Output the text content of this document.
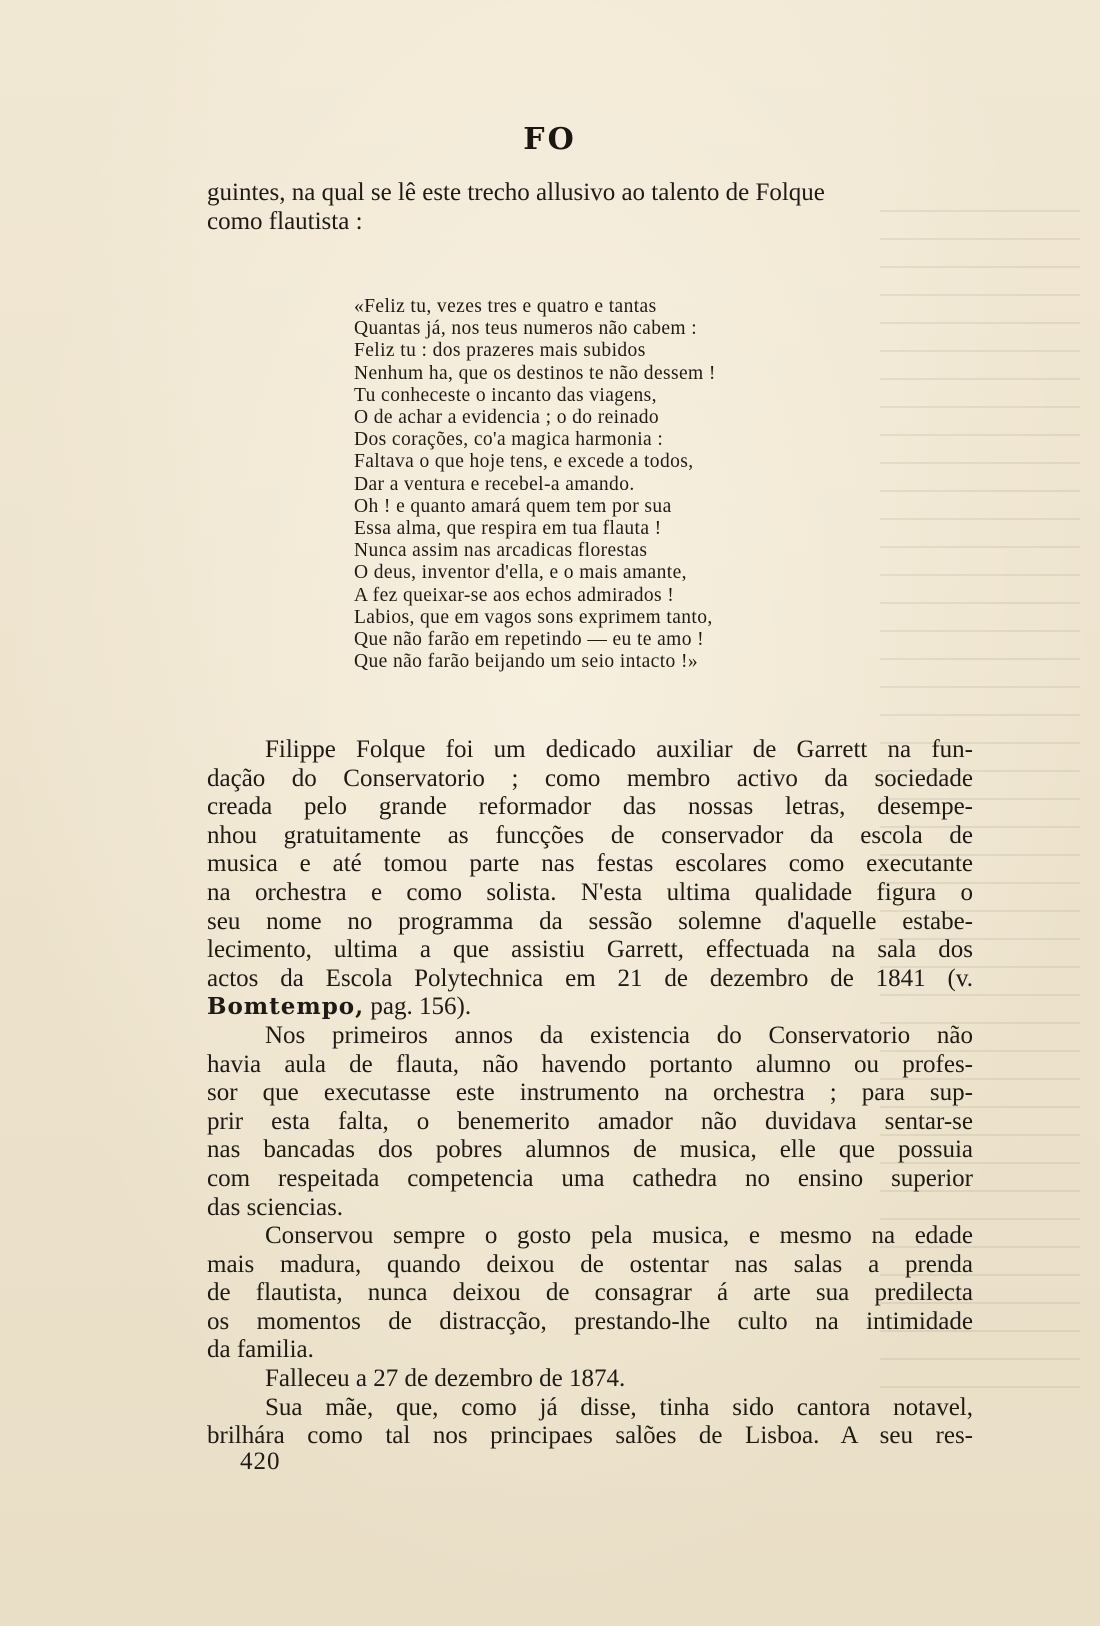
FO
guintes, na qual se lê este trecho allusivo ao talento de Folque
como flautista :
«Feliz tu, vezes tres e quatro e tantas
Quantas já, nos teus numeros não cabem :
Feliz tu : dos prazeres mais subidos
Nenhum ha, que os destinos te não dessem !
Tu conheceste o incanto das viagens,
O de achar a evidencia ; o do reinado
Dos corações, co'a magica harmonia :
Faltava o que hoje tens, e excede a todos,
Dar a ventura e recebel-a amando.
Oh ! e quanto amará quem tem por sua
Essa alma, que respira em tua flauta !
Nunca assim nas arcadicas florestas
O deus, inventor d'ella, e o mais amante,
A fez queixar-se aos echos admirados !
Labios, que em vagos sons exprimem tanto,
Que não farão em repetindo — eu te amo !
Que não farão beijando um seio intacto !»
Filippe Folque foi um dedicado auxiliar de Garrett na fun-
dação do Conservatorio ; como membro activo da sociedade
creada pelo grande reformador das nossas letras, desempe-
nhou gratuitamente as funcções de conservador da escola de
musica e até tomou parte nas festas escolares como executante
na orchestra e como solista. N'esta ultima qualidade figura o
seu nome no programma da sessão solemne d'aquelle estabe-
lecimento, ultima a que assistiu Garrett, effectuada na sala dos
actos da Escola Polytechnica em 21 de dezembro de 1841 (v.
Bomtempo, pag. 156).
Nos primeiros annos da existencia do Conservatorio não
havia aula de flauta, não havendo portanto alumno ou profes-
sor que executasse este instrumento na orchestra ; para sup-
prir esta falta, o benemerito amador não duvidava sentar-se
nas bancadas dos pobres alumnos de musica, elle que possuia
com respeitada competencia uma cathedra no ensino superior
das sciencias.
Conservou sempre o gosto pela musica, e mesmo na edade
mais madura, quando deixou de ostentar nas salas a prenda
de flautista, nunca deixou de consagrar á arte sua predilecta
os momentos de distracção, prestando-lhe culto na intimidade
da familia.
Falleceu a 27 de dezembro de 1874.
Sua mãe, que, como já disse, tinha sido cantora notavel,
brilhára como tal nos principaes salões de Lisboa. A seu res-
420
